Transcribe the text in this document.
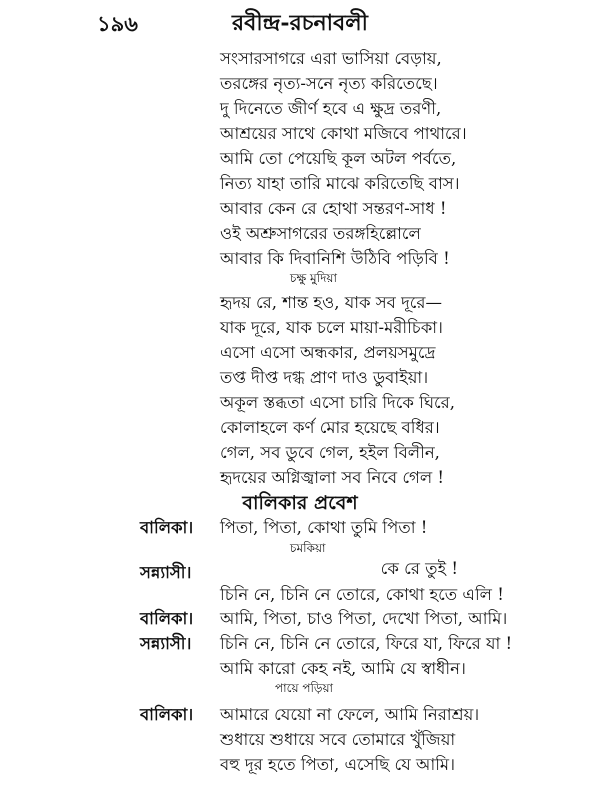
১৯৬	রবীন্দ্র-রচনাবলী
সংসারসাগরে এরা ভাসিয়া বেড়ায়,
তরঙ্গের নৃত্য-সনে নৃত্য করিতেছে।
দু দিনেতে জীর্ণ হবে এ ক্ষুদ্র তরণী,
আশ্রয়ের সাথে কোথা মজিবে পাথারে।
আমি তো পেয়েছি কূল অটল পর্বতে,
নিত্য যাহা তারি মাঝে করিতেছি বাস।
আবার কেন রে হোথা সন্তরণ-সাধ !
ওই অশ্রুসাগরের তরঙ্গহিল্লোলে
আবার কি দিবানিশি উঠিবি পড়িবি !
চক্ষু মুদিয়া
হৃদয় রে, শান্ত হও, যাক সব দূরে—
যাক দূরে, যাক চলে মায়া-মরীচিকা।
এসো এসো অন্ধকার, প্রলয়সমুদ্রে
তপ্ত দীপ্ত দগ্ধ প্রাণ দাও ডুবাইয়া।
অকূল স্তব্ধতা এসো চারি দিকে ঘিরে,
কোলাহলে কর্ণ মোর হয়েছে বধির।
গেল, সব ডুবে গেল, হইল বিলীন,
হৃদয়ের অগ্নিজ্বালা সব নিবে গেল !
বালিকার প্রবেশ
বালিকা। পিতা, পিতা, কোথা তুমি পিতা !
চমকিয়া
সন্ন্যাসী।	কে রে তুই !
চিনি নে, চিনি নে তোরে, কোথা হতে এলি !
বালিকা। আমি, পিতা, চাও পিতা, দেখো পিতা, আমি।
সন্ন্যাসী। চিনি নে, চিনি নে তোরে, ফিরে যা, ফিরে যা !
আমি কারো কেহ নই, আমি যে স্বাধীন।
পায়ে পড়িয়া
বালিকা। আমারে যেয়ো না ফেলে, আমি নিরাশ্রয়।
শুধায়ে শুধায়ে সবে তোমারে খুঁজিয়া
বহু দূর হতে পিতা, এসেছি যে আমি।
